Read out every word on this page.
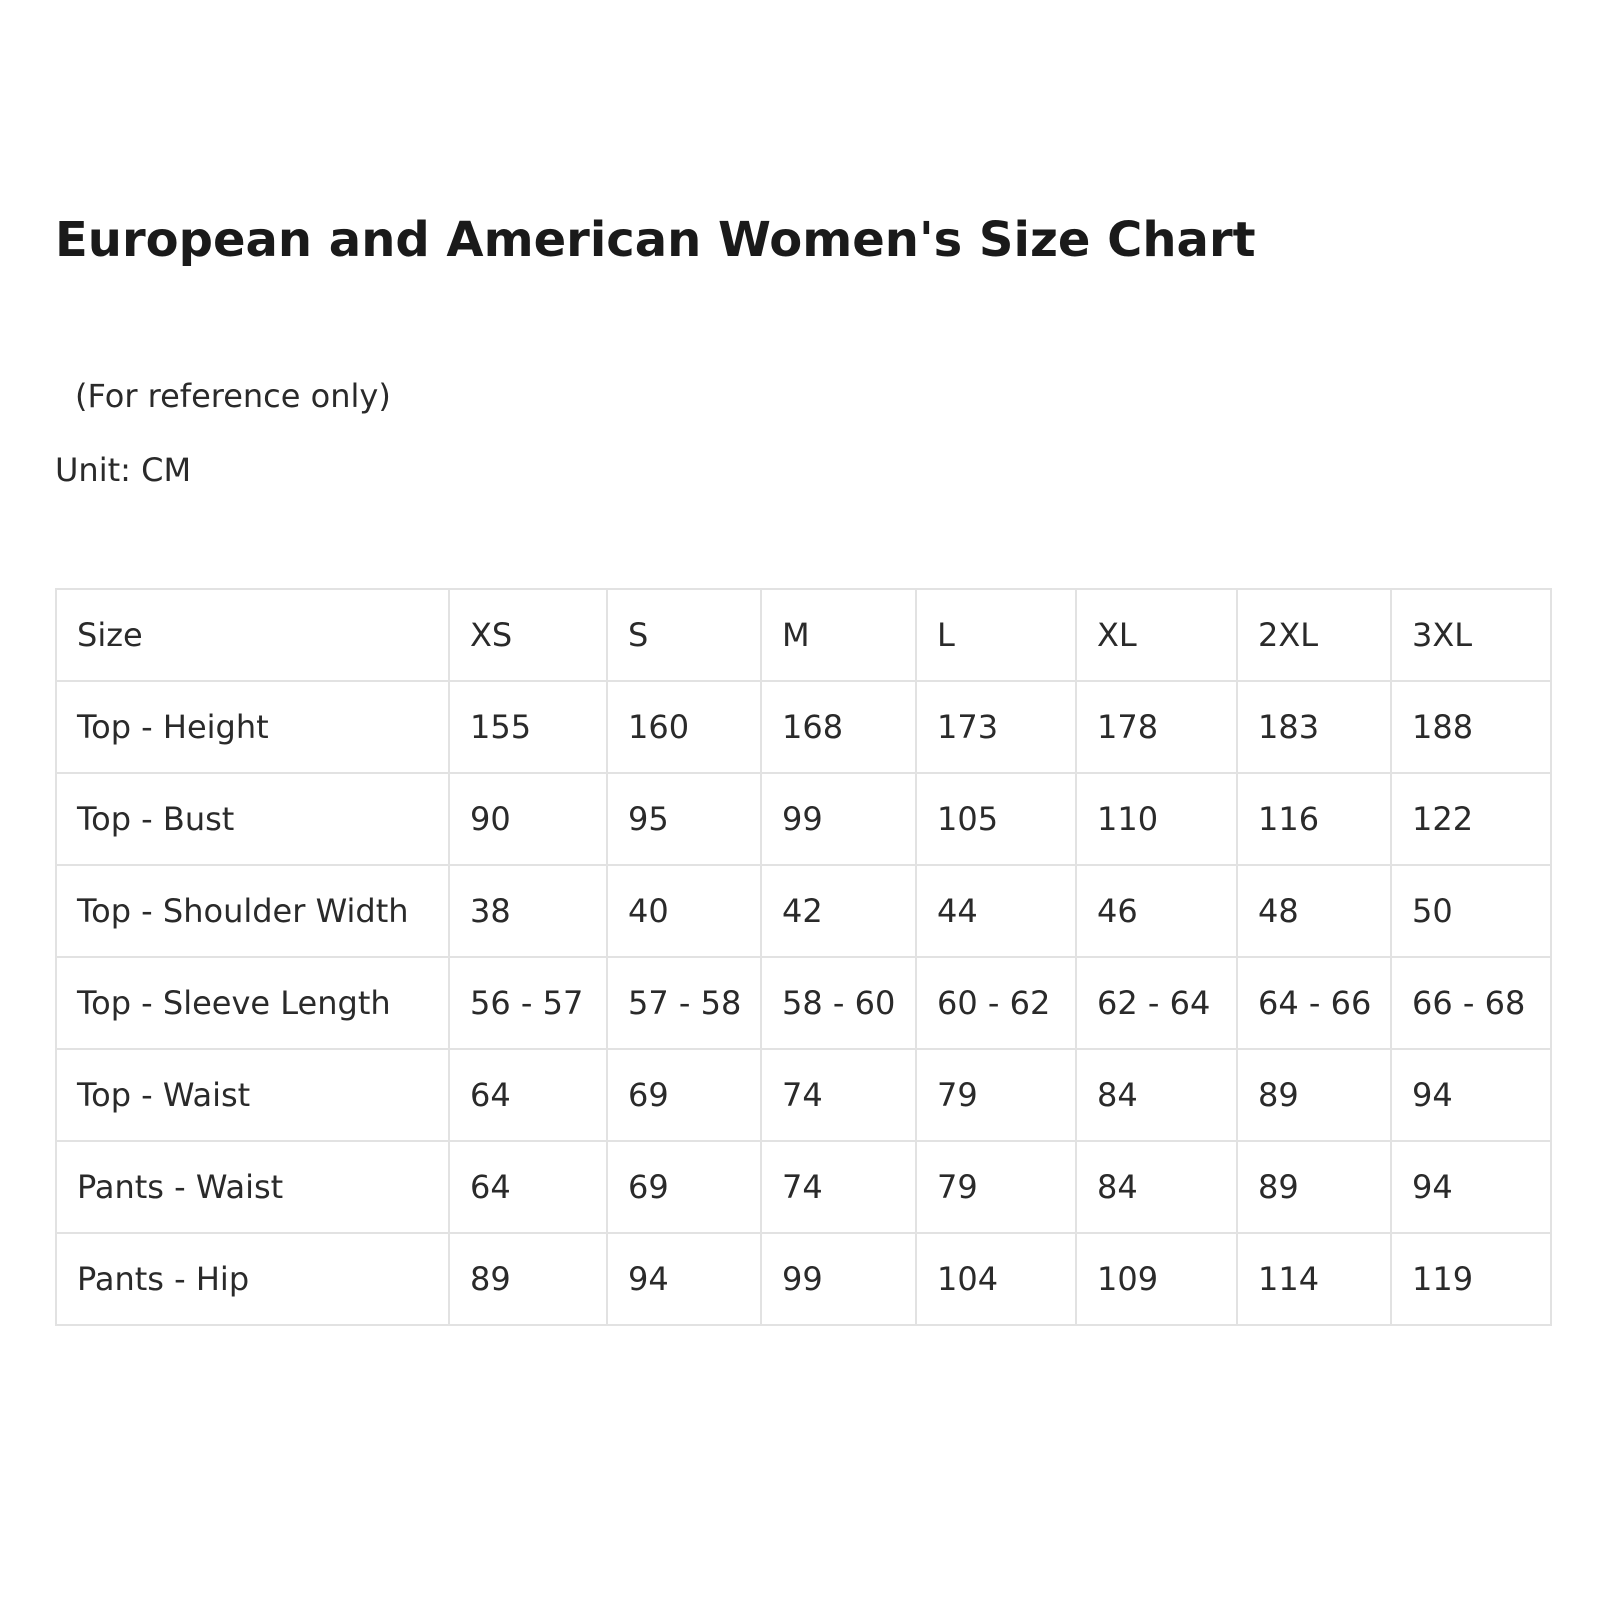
European and American Women's Size Chart
(For reference only)
Unit: CM
Size	XS	S	M	L	XL	2XL	3XL
Top - Height	155	160	168	173	178	183	188
Top - Bust	90	95	99	105	110	116	122
Top - Shoulder Width	38	40	42	44	46	48	50
Top - Sleeve Length	56 - 57	57 - 58	58 - 60	60 - 62	62 - 64	64 - 66	66 - 68
Top - Waist	64	69	74	79	84	89	94
Pants - Waist	64	69	74	79	84	89	94
Pants - Hip	89	94	99	104	109	114	119
